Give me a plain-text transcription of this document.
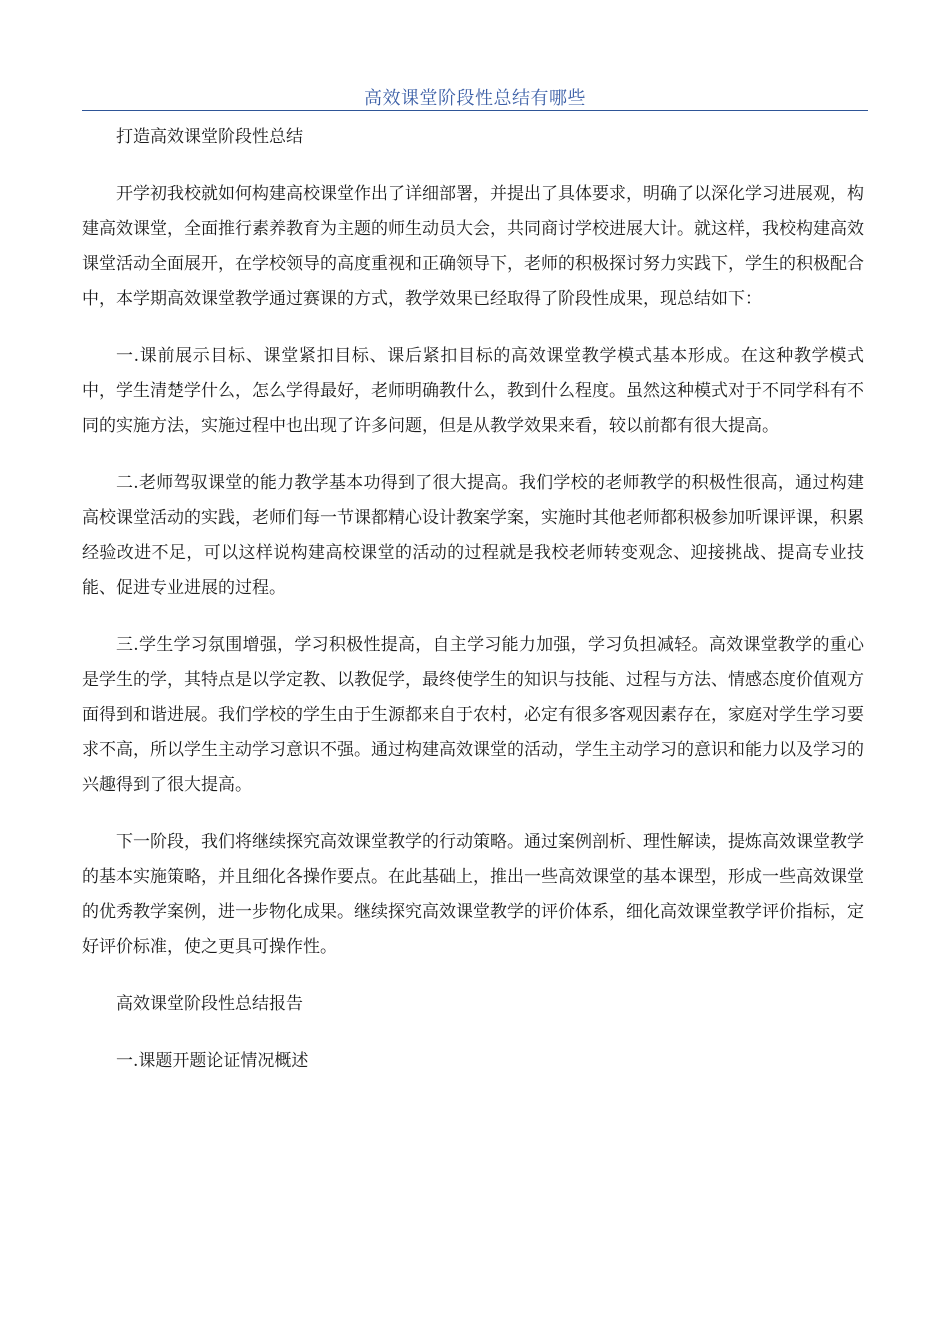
高效课堂阶段性总结有哪些

打造高效课堂阶段性总结

开学初我校就如何构建高校课堂作出了详细部署，并提出了具体要求，明确了以深化学习进展观，构建高效课堂，全面推行素养教育为主题的师生动员大会，共同商讨学校进展大计。就这样，我校构建高效课堂活动全面展开，在学校领导的高度重视和正确领导下，老师的积极探讨努力实践下，学生的积极配合中，本学期高效课堂教学通过赛课的方式，教学效果已经取得了阶段性成果，现总结如下：

一.课前展示目标、课堂紧扣目标、课后紧扣目标的高效课堂教学模式基本形成。在这种教学模式中，学生清楚学什么，怎么学得最好，老师明确教什么，教到什么程度。虽然这种模式对于不同学科有不同的实施方法，实施过程中也出现了许多问题，但是从教学效果来看，较以前都有很大提高。

二.老师驾驭课堂的能力教学基本功得到了很大提高。我们学校的老师教学的积极性很高，通过构建高校课堂活动的实践，老师们每一节课都精心设计教案学案，实施时其他老师都积极参加听课评课，积累经验改进不足，可以这样说构建高校课堂的活动的过程就是我校老师转变观念、迎接挑战、提高专业技能、促进专业进展的过程。

三.学生学习氛围增强，学习积极性提高，自主学习能力加强，学习负担减轻。高效课堂教学的重心是学生的学，其特点是以学定教、以教促学，最终使学生的知识与技能、过程与方法、情感态度价值观方面得到和谐进展。我们学校的学生由于生源都来自于农村，必定有很多客观因素存在，家庭对学生学习要求不高，所以学生主动学习意识不强。通过构建高效课堂的活动，学生主动学习的意识和能力以及学习的兴趣得到了很大提高。

下一阶段，我们将继续探究高效课堂教学的行动策略。通过案例剖析、理性解读，提炼高效课堂教学的基本实施策略，并且细化各操作要点。在此基础上，推出一些高效课堂的基本课型，形成一些高效课堂的优秀教学案例，进一步物化成果。继续探究高效课堂教学的评价体系，细化高效课堂教学评价指标，定好评价标准，使之更具可操作性。

高效课堂阶段性总结报告

一.课题开题论证情况概述
